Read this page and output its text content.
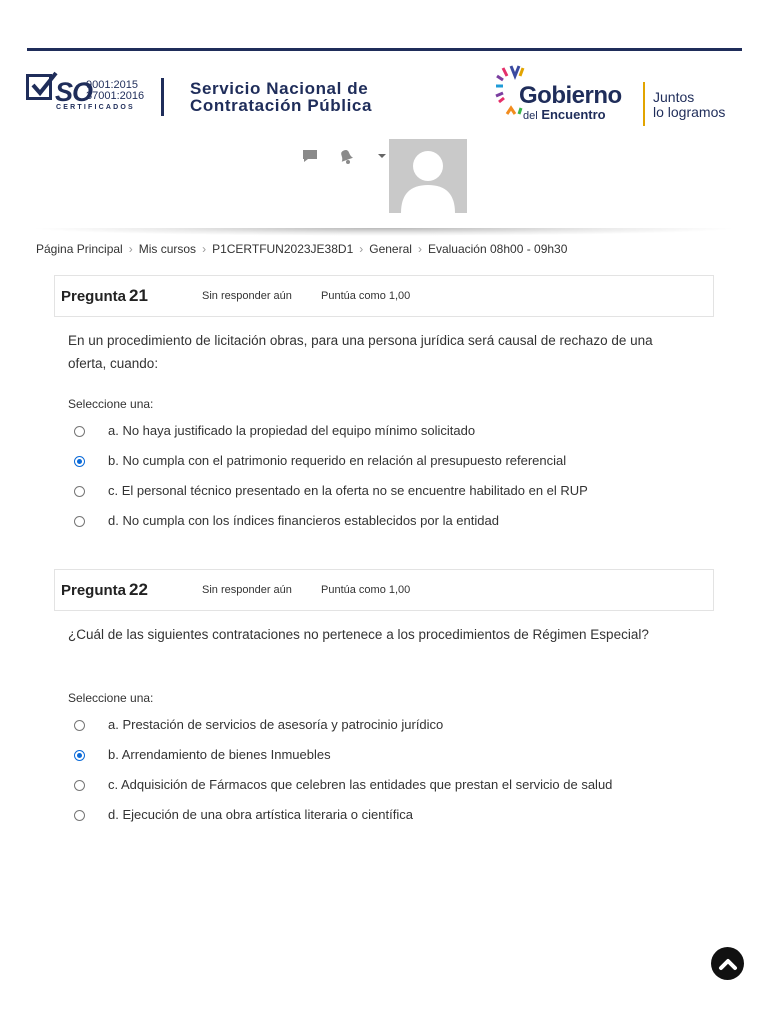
SO
9001:2015
37001:2016
CERTIFICADOS
Servicio Nacional de
Contratación Pública	Gobierno
del Encuentro
Juntos
lo logramos
Página Principal › Mis cursos › P1CERTFUN2023JE38D1 › General › Evaluación 08h00 - 09h30
Pregunta 21	Sin responder aún	Puntúa como 1,00
En un procedimiento de licitación obras, para una persona jurídica será causal de rechazo de una oferta, cuando:
Seleccione una:
a. No haya justificado la propiedad del equipo mínimo solicitado
b. No cumpla con el patrimonio requerido en relación al presupuesto referencial
c. El personal técnico presentado en la oferta no se encuentre habilitado en el RUP
d. No cumpla con los índices financieros establecidos por la entidad
Pregunta 22	Sin responder aún	Puntúa como 1,00
¿Cuál de las siguientes contrataciones no pertenece a los procedimientos de Régimen Especial?
Seleccione una:
a. Prestación de servicios de asesoría y patrocinio jurídico
b. Arrendamiento de bienes Inmuebles
c. Adquisición de Fármacos que celebren las entidades que prestan el servicio de salud
d. Ejecución de una obra artística literaria o científica
